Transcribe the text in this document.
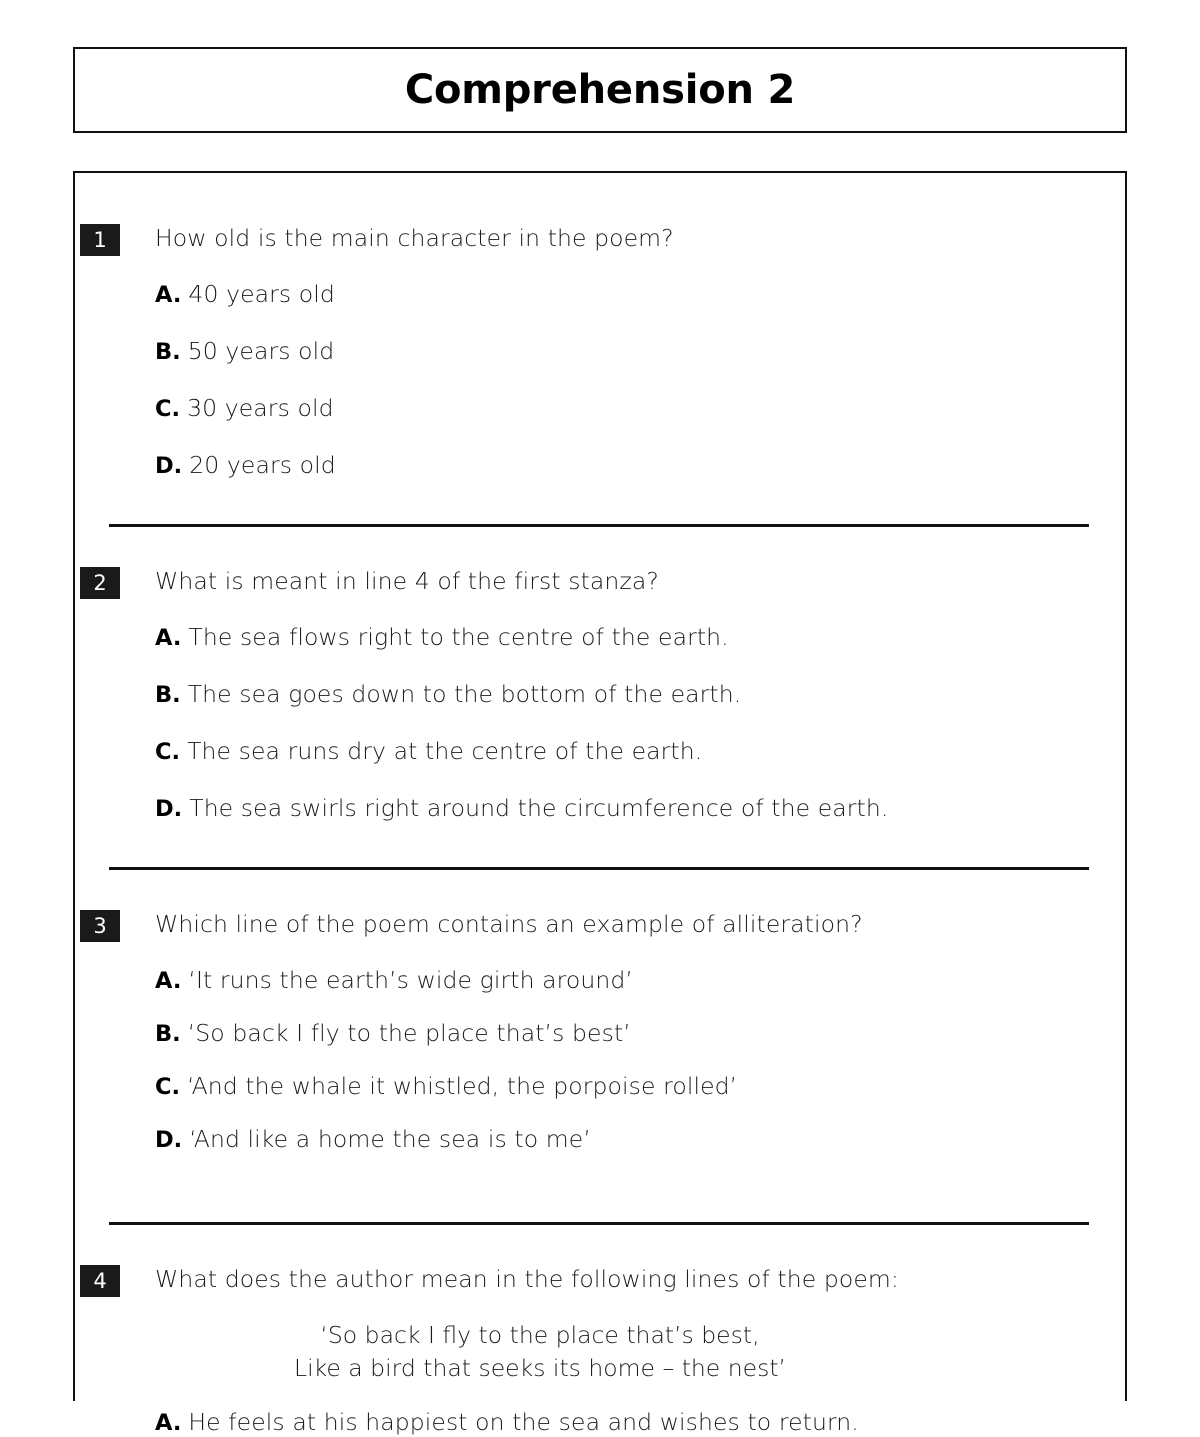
Comprehension 2
1	How old is the main character in the poem?
A. 40 years old
B. 50 years old
C. 30 years old
D. 20 years old
2	What is meant in line 4 of the first stanza?
A. The sea flows right to the centre of the earth.
B. The sea goes down to the bottom of the earth.
C. The sea runs dry at the centre of the earth.
D. The sea swirls right around the circumference of the earth.
3	Which line of the poem contains an example of alliteration?
A. ‘It runs the earth’s wide girth around’
B. ‘So back I fly to the place that’s best’
C. ‘And the whale it whistled, the porpoise rolled’
D. ‘And like a home the sea is to me’
4	What does the author mean in the following lines of the poem:
‘So back I fly to the place that’s best,
Like a bird that seeks its home – the nest’
A. He feels at his happiest on the sea and wishes to return.
